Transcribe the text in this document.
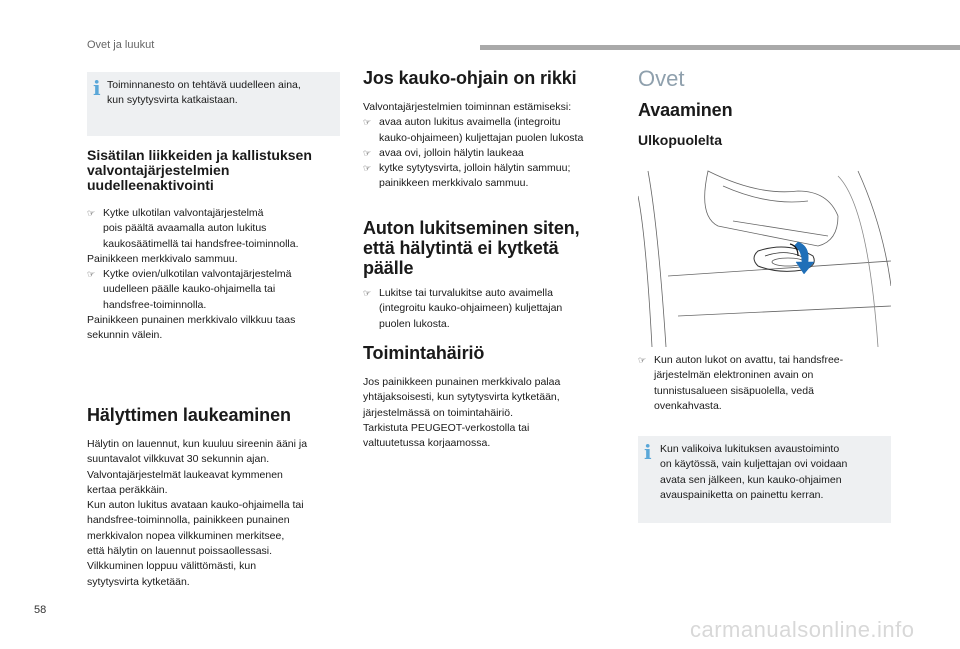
Ovet ja luukut
i Toiminnanesto on tehtävä uudelleen aina,

kun sytytysvirta katkaistaan.

Sisätilan liikkeiden ja kallistuksen
valvontajärjestelmien
uudelleenaktivointi
☞ Kytke ulkotilan valvontajärjestelmä

pois päältä avaamalla auton lukitus

kaukosäätimellä tai handsfree-toiminnolla.

Painikkeen merkkivalo sammuu.

☞ Kytke ovien/ulkotilan valvontajärjestelmä

uudelleen päälle kauko-ohjaimella tai

handsfree-toiminnolla.

Painikkeen punainen merkkivalo vilkkuu taas

sekunnin välein.

Hälyttimen laukeaminen

Hälytin on lauennut, kun kuuluu sireenin ääni ja

suuntavalot vilkkuvat 30 sekunnin ajan.

Valvontajärjestelmät laukeavat kymmenen

kertaa peräkkäin.

Kun auton lukitus avataan kauko-ohjaimella tai

handsfree-toiminnolla, painikkeen punainen

merkkivalon nopea vilkkuminen merkitsee,

että hälytin on lauennut poissaollessasi.

Vilkkuminen loppuu välittömästi, kun

sytytysvirta kytketään.

Jos kauko-ohjain on rikki

Valvontajärjestelmien toiminnan estämiseksi:

☞ avaa auton lukitus avaimella (integroitu

kauko-ohjaimeen) kuljettajan puolen lukosta

☞ avaa ovi, jolloin hälytin laukeaa

☞ kytke sytytysvirta, jolloin hälytin sammuu;

painikkeen merkkivalo sammuu.

Auton lukitseminen siten,
että hälytintä ei kytketä
päälle
☞ Lukitse tai turvalukitse auto avaimella

(integroitu kauko-ohjaimeen) kuljettajan

puolen lukosta.

Toimintahäiriö

Jos painikkeen punainen merkkivalo palaa

yhtäjaksoisesti, kun sytytysvirta kytketään,

järjestelmässä on toimintahäiriö.

Tarkistuta PEUGEOT-verkostolla tai

valtuutetussa korjaamossa.

Ovet
Avaaminen
Ulkopuolelta
☞ Kun auton lukot on avattu, tai handsfree-

järjestelmän elektroninen avain on

tunnistusalueen sisäpuolella, vedä

ovenkahvasta.

i Kun valikoiva lukituksen avaustoiminto

on käytössä, vain kuljettajan ovi voidaan

avata sen jälkeen, kun kauko-ohjaimen

avauspainiketta on painettu kerran.

58
carmanualsonline.info
